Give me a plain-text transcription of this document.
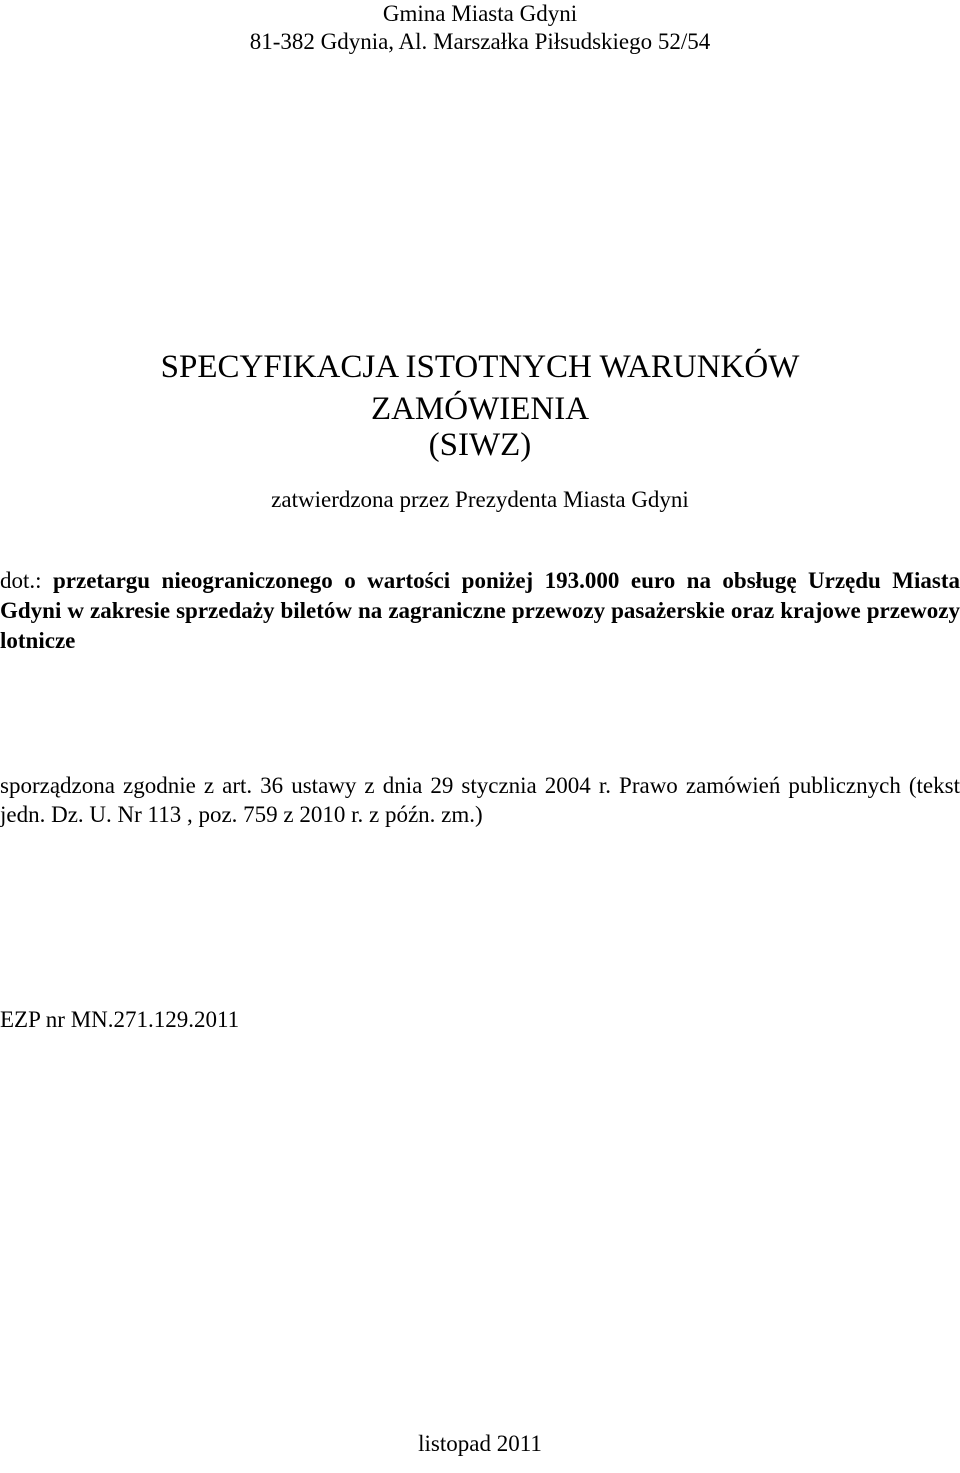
Gmina Miasta Gdyni

81-382 Gdynia, Al. Marszałka Piłsudskiego 52/54

SPECYFIKACJA ISTOTNYCH WARUNKÓW
ZAMÓWIENIA
(SIWZ)

zatwierdzona przez Prezydenta Miasta Gdyni

dot.: przetargu nieograniczonego o wartości poniżej 193.000 euro na obsługę Urzędu Miasta Gdyni w zakresie sprzedaży biletów na zagraniczne przewozy pasażerskie oraz krajowe przewozy lotnicze

sporządzona zgodnie z art. 36 ustawy z dnia 29 stycznia 2004 r. Prawo zamówień publicznych (tekst jedn. Dz. U. Nr 113 , poz. 759 z 2010 r. z późn. zm.)

EZP nr MN.271.129.2011

listopad 2011
